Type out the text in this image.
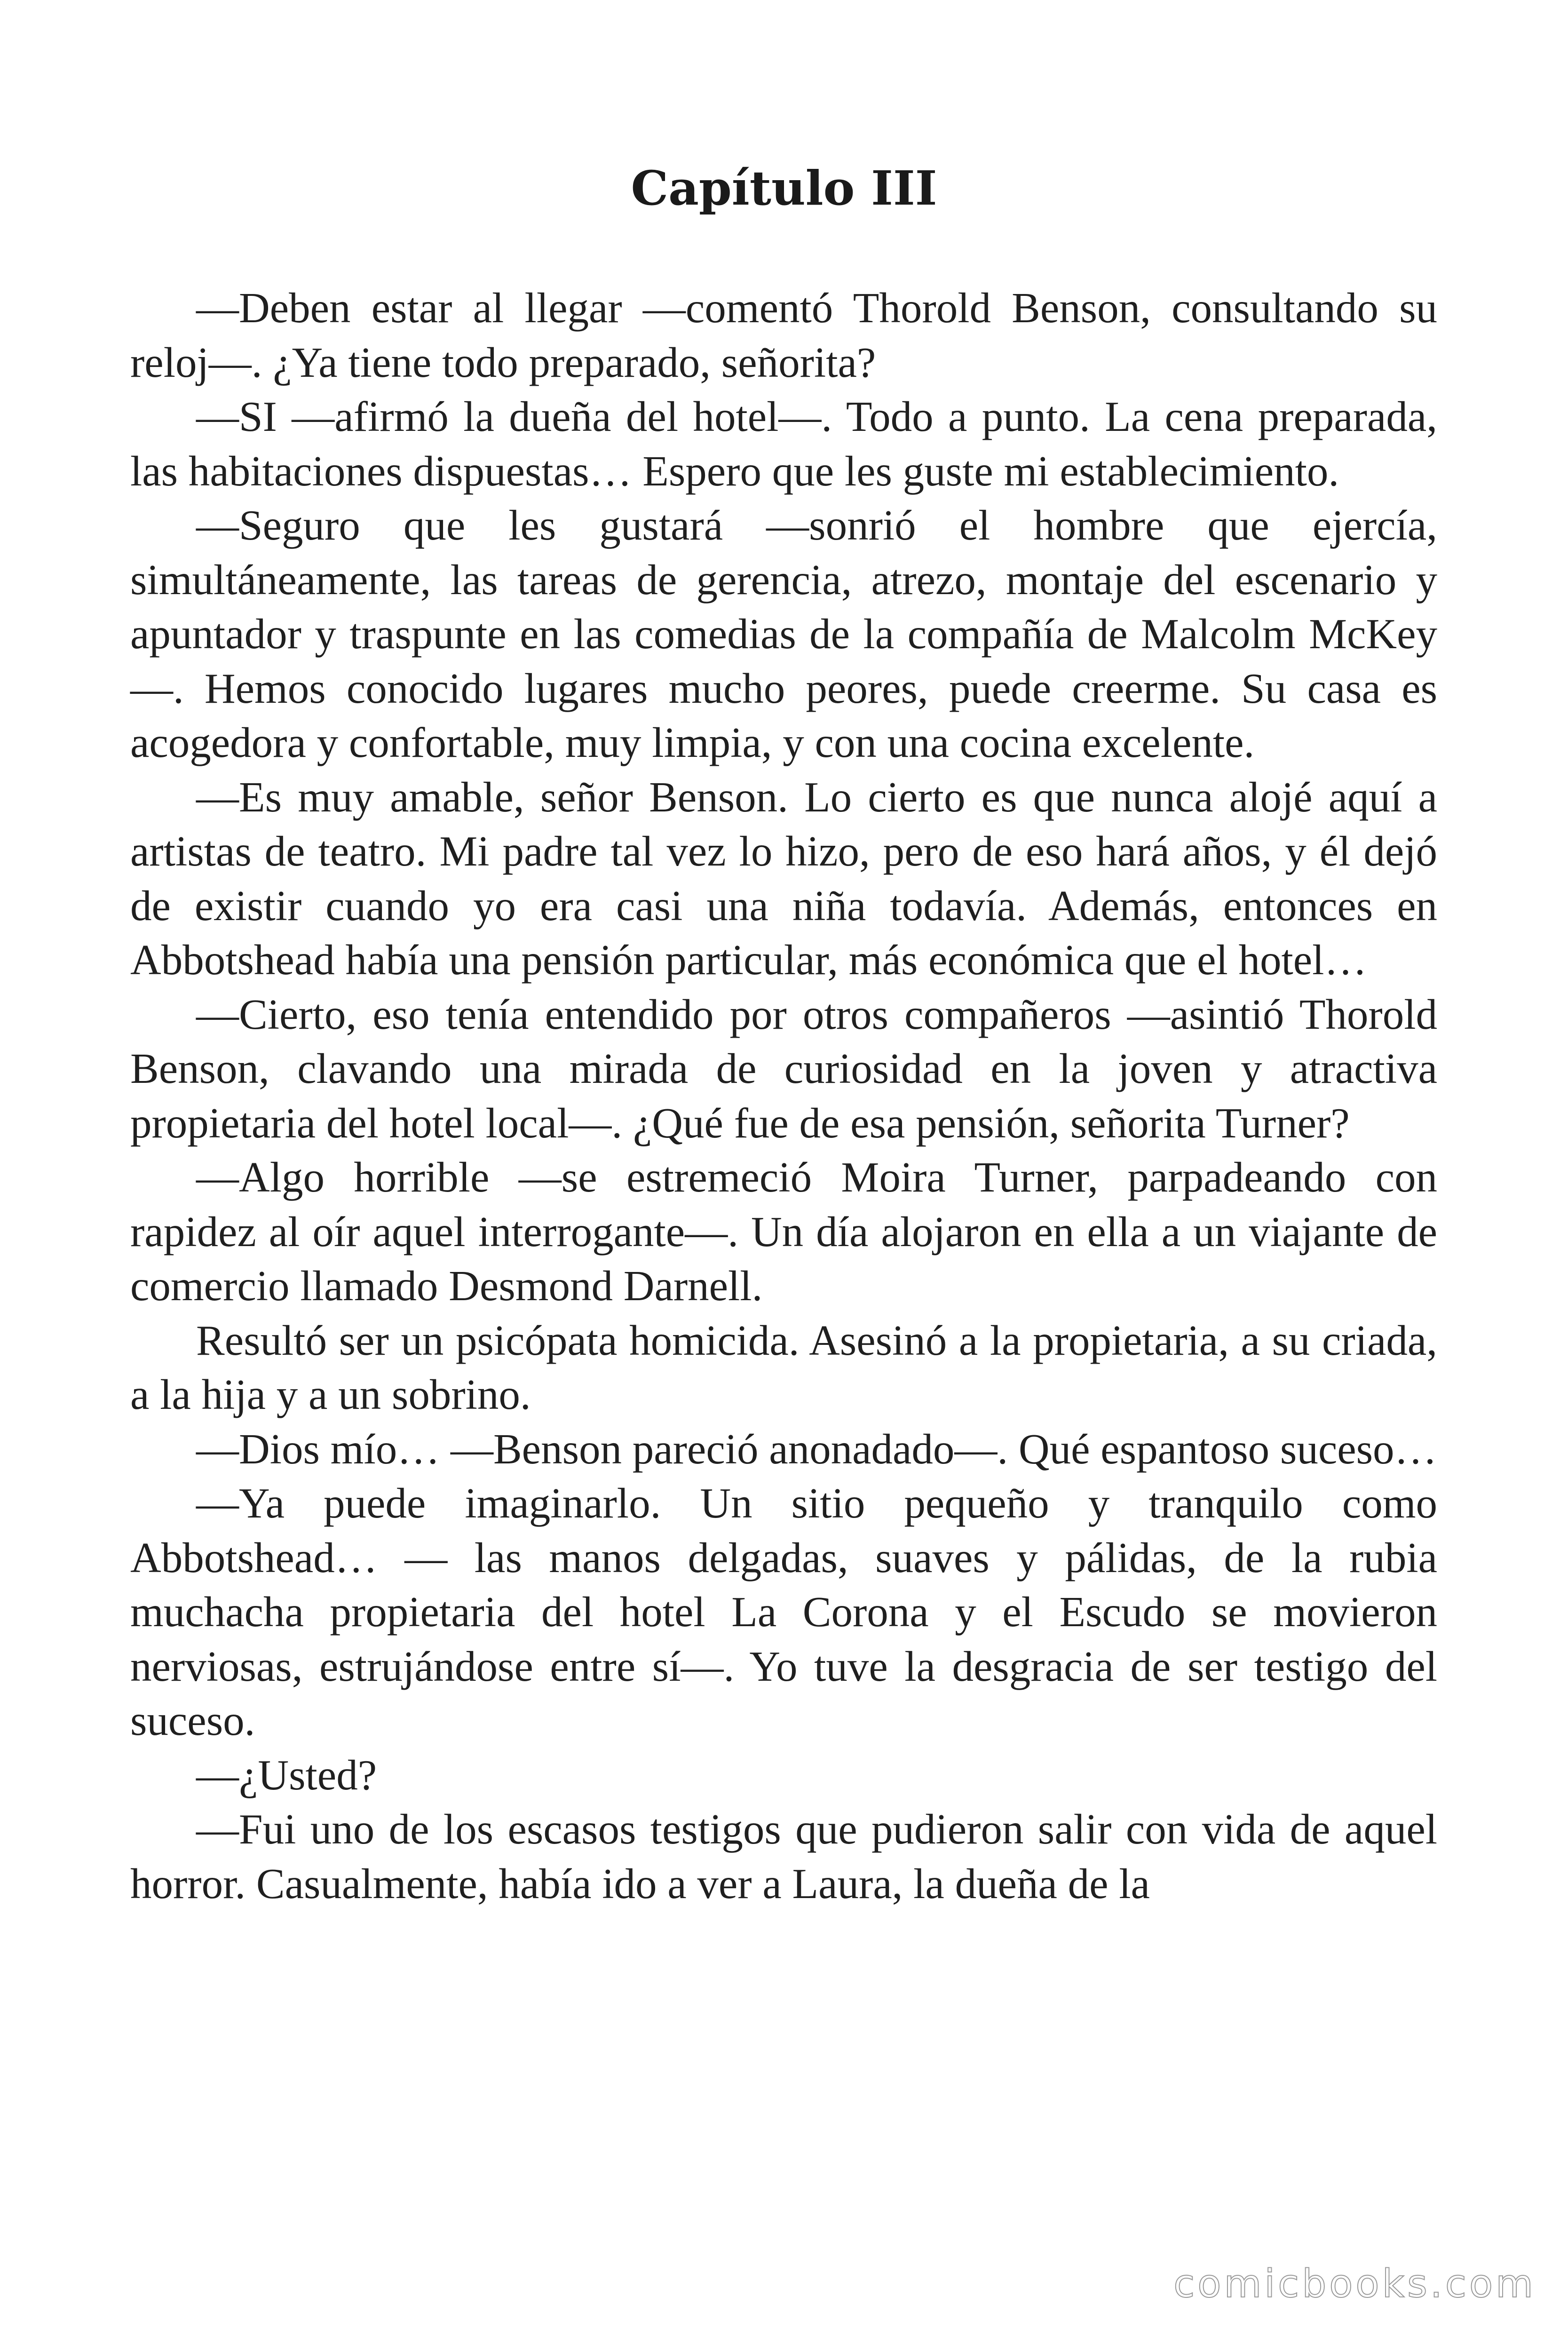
Capítulo III

—Deben estar al llegar —comentó Thorold Benson, consultando su reloj—. ¿Ya tiene todo preparado, señorita?

—SI —afirmó la dueña del hotel—. Todo a punto. La cena preparada, las habitaciones dispuestas… Espero que les guste mi establecimiento.

—Seguro que les gustará —sonrió el hombre que ejercía, simultáneamente, las tareas de gerencia, atrezo, montaje del escenario y apuntador y traspunte en las comedias de la compañía de Malcolm McKey—. Hemos conocido lugares mucho peores, puede creerme. Su casa es acogedora y confortable, muy limpia, y con una cocina excelente.

—Es muy amable, señor Benson. Lo cierto es que nunca alojé aquí a artistas de teatro. Mi padre tal vez lo hizo, pero de eso hará años, y él dejó de existir cuando yo era casi una niña todavía. Además, entonces en Abbotshead había una pensión particular, más económica que el hotel…

—Cierto, eso tenía entendido por otros compañeros —asintió Thorold Benson, clavando una mirada de curiosidad en la joven y atractiva propietaria del hotel local—. ¿Qué fue de esa pensión, señorita Turner?

—Algo horrible —se estremeció Moira Turner, parpadeando con rapidez al oír aquel interrogante—. Un día alojaron en ella a un viajante de comercio llamado Desmond Darnell.

Resultó ser un psicópata homicida. Asesinó a la propietaria, a su criada, a la hija y a un sobrino.

—Dios mío… —Benson pareció anonadado—. Qué espantoso suceso…

—Ya puede imaginarlo. Un sitio pequeño y tranquilo como Abbotshead… — las manos delgadas, suaves y pálidas, de la rubia muchacha propietaria del hotel La Corona y el Escudo se movieron nerviosas, estrujándose entre sí—. Yo tuve la desgracia de ser testigo del suceso.

—¿Usted?

—Fui uno de los escasos testigos que pudieron salir con vida de aquel horror. Casualmente, había ido a ver a Laura, la dueña de la

comicbooks.com
